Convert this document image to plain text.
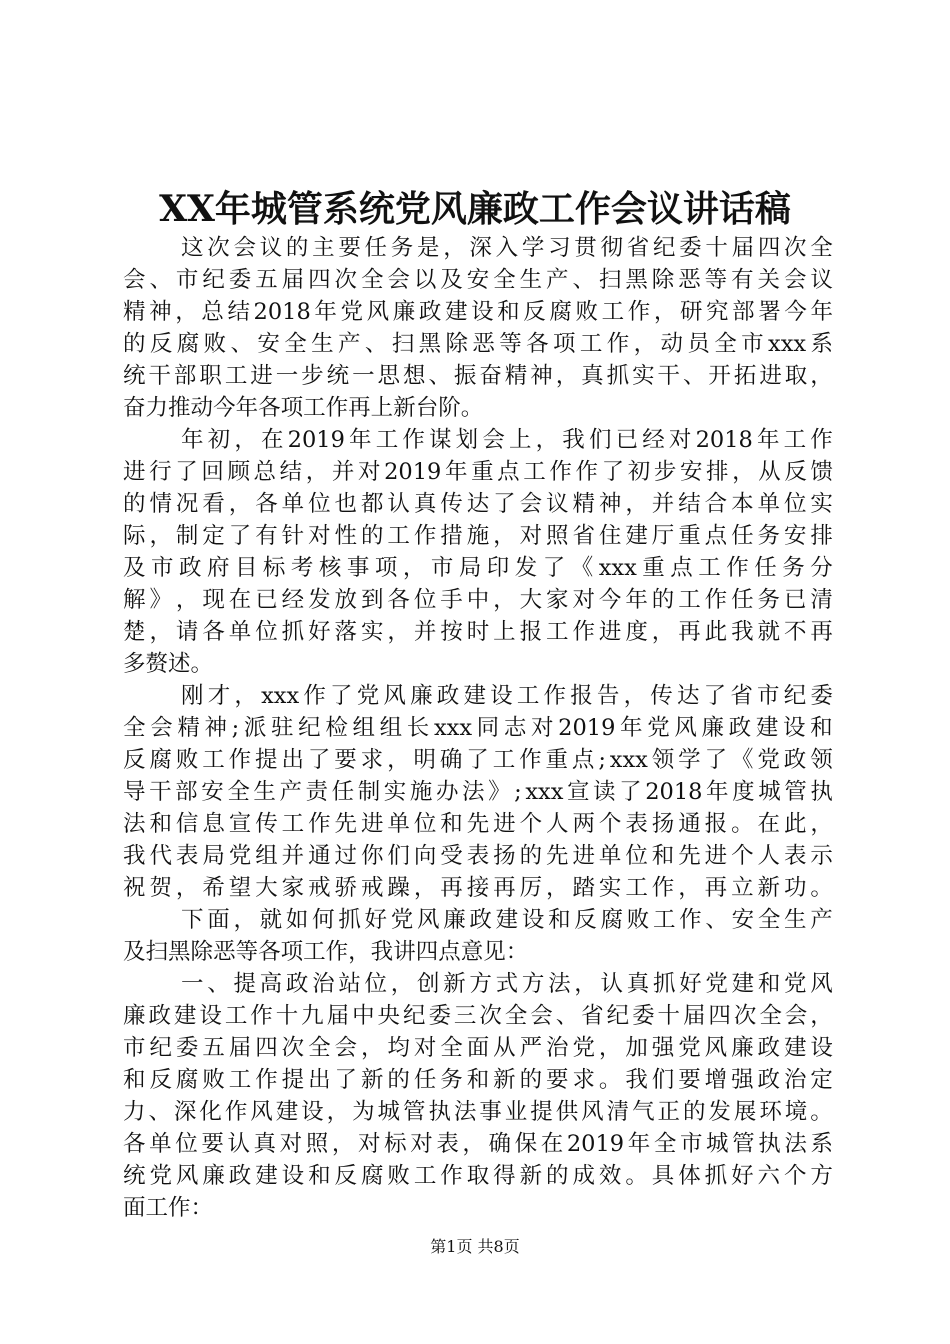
XX年城管系统党风廉政工作会议讲话稿
这 次 会 议 的 主 要 任 务 是 ， 深 入 学 习 贯 彻 省 纪 委 十 届 四 次 全
会 、 市 纪 委 五 届 四 次 全 会 以 及 安 全 生 产 、 扫 黑 除 恶 等 有 关 会 议
精 神 ， 总 结 2018 年 党 风 廉 政 建 设 和 反 腐 败 工 作 ， 研 究 部 署 今 年
的 反 腐 败 、 安 全 生 产 、 扫 黑 除 恶 等 各 项 工 作 ， 动 员 全 市 xxx 系
统 干 部 职 工 进 一 步 统 一 思 想 、 振 奋 精 神 ， 真 抓 实 干 、 开 拓 进 取 ，
奋 力 推 动 今 年 各 项 工 作 再 上 新 台 阶 。
年 初 ， 在 2019 年 工 作 谋 划 会 上 ， 我 们 已 经 对 2018 年 工 作
进 行 了 回 顾 总 结 ， 并 对 2019 年 重 点 工 作 作 了 初 步 安 排 ， 从 反 馈
的 情 况 看 ， 各 单 位 也 都 认 真 传 达 了 会 议 精 神 ， 并 结 合 本 单 位 实
际 ， 制 定 了 有 针 对 性 的 工 作 措 施 ， 对 照 省 住 建 厅 重 点 任 务 安 排
及 市 政 府 目 标 考 核 事 项 ， 市 局 印 发 了 《 xxx 重 点 工 作 任 务 分
解 》 ， 现 在 已 经 发 放 到 各 位 手 中 ， 大 家 对 今 年 的 工 作 任 务 已 清
楚 ， 请 各 单 位 抓 好 落 实 ， 并 按 时 上 报 工 作 进 度 ， 再 此 我 就 不 再
多 赘 述 。
刚 才 ， xxx 作 了 党 风 廉 政 建 设 工 作 报 告 ， 传 达 了 省 市 纪 委
全 会 精 神 ; 派 驻 纪 检 组 组 长 xxx 同 志 对 2019 年 党 风 廉 政 建 设 和
反 腐 败 工 作 提 出 了 要 求 ， 明 确 了 工 作 重 点 ; xxx 领 学 了 《 党 政 领
导 干 部 安 全 生 产 责 任 制 实 施 办 法 》 ; xxx 宣 读 了 2018 年 度 城 管 执
法 和 信 息 宣 传 工 作 先 进 单 位 和 先 进 个 人 两 个 表 扬 通 报 。 在 此 ，
我 代 表 局 党 组 并 通 过 你 们 向 受 表 扬 的 先 进 单 位 和 先 进 个 人 表 示
祝 贺 ， 希 望 大 家 戒 骄 戒 躁 ， 再 接 再 厉 ， 踏 实 工 作 ， 再 立 新 功 。
下 面 ， 就 如 何 抓 好 党 风 廉 政 建 设 和 反 腐 败 工 作 、 安 全 生 产
及 扫 黑 除 恶 等 各 项 工 作 ， 我 讲 四 点 意 见 ：
一 、 提 高 政 治 站 位 ， 创 新 方 式 方 法 ， 认 真 抓 好 党 建 和 党 风
廉 政 建 设 工 作 十 九 届 中 央 纪 委 三 次 全 会 、 省 纪 委 十 届 四 次 全 会 ，
市 纪 委 五 届 四 次 全 会 ， 均 对 全 面 从 严 治 党 ， 加 强 党 风 廉 政 建 设
和 反 腐 败 工 作 提 出 了 新 的 任 务 和 新 的 要 求 。 我 们 要 增 强 政 治 定
力 、 深 化 作 风 建 设 ， 为 城 管 执 法 事 业 提 供 风 清 气 正 的 发 展 环 境 。
各 单 位 要 认 真 对 照 ， 对 标 对 表 ， 确 保 在 2019 年 全 市 城 管 执 法 系
统 党 风 廉 政 建 设 和 反 腐 败 工 作 取 得 新 的 成 效 。 具 体 抓 好 六 个 方
面 工 作 ：
第1页 共8页
